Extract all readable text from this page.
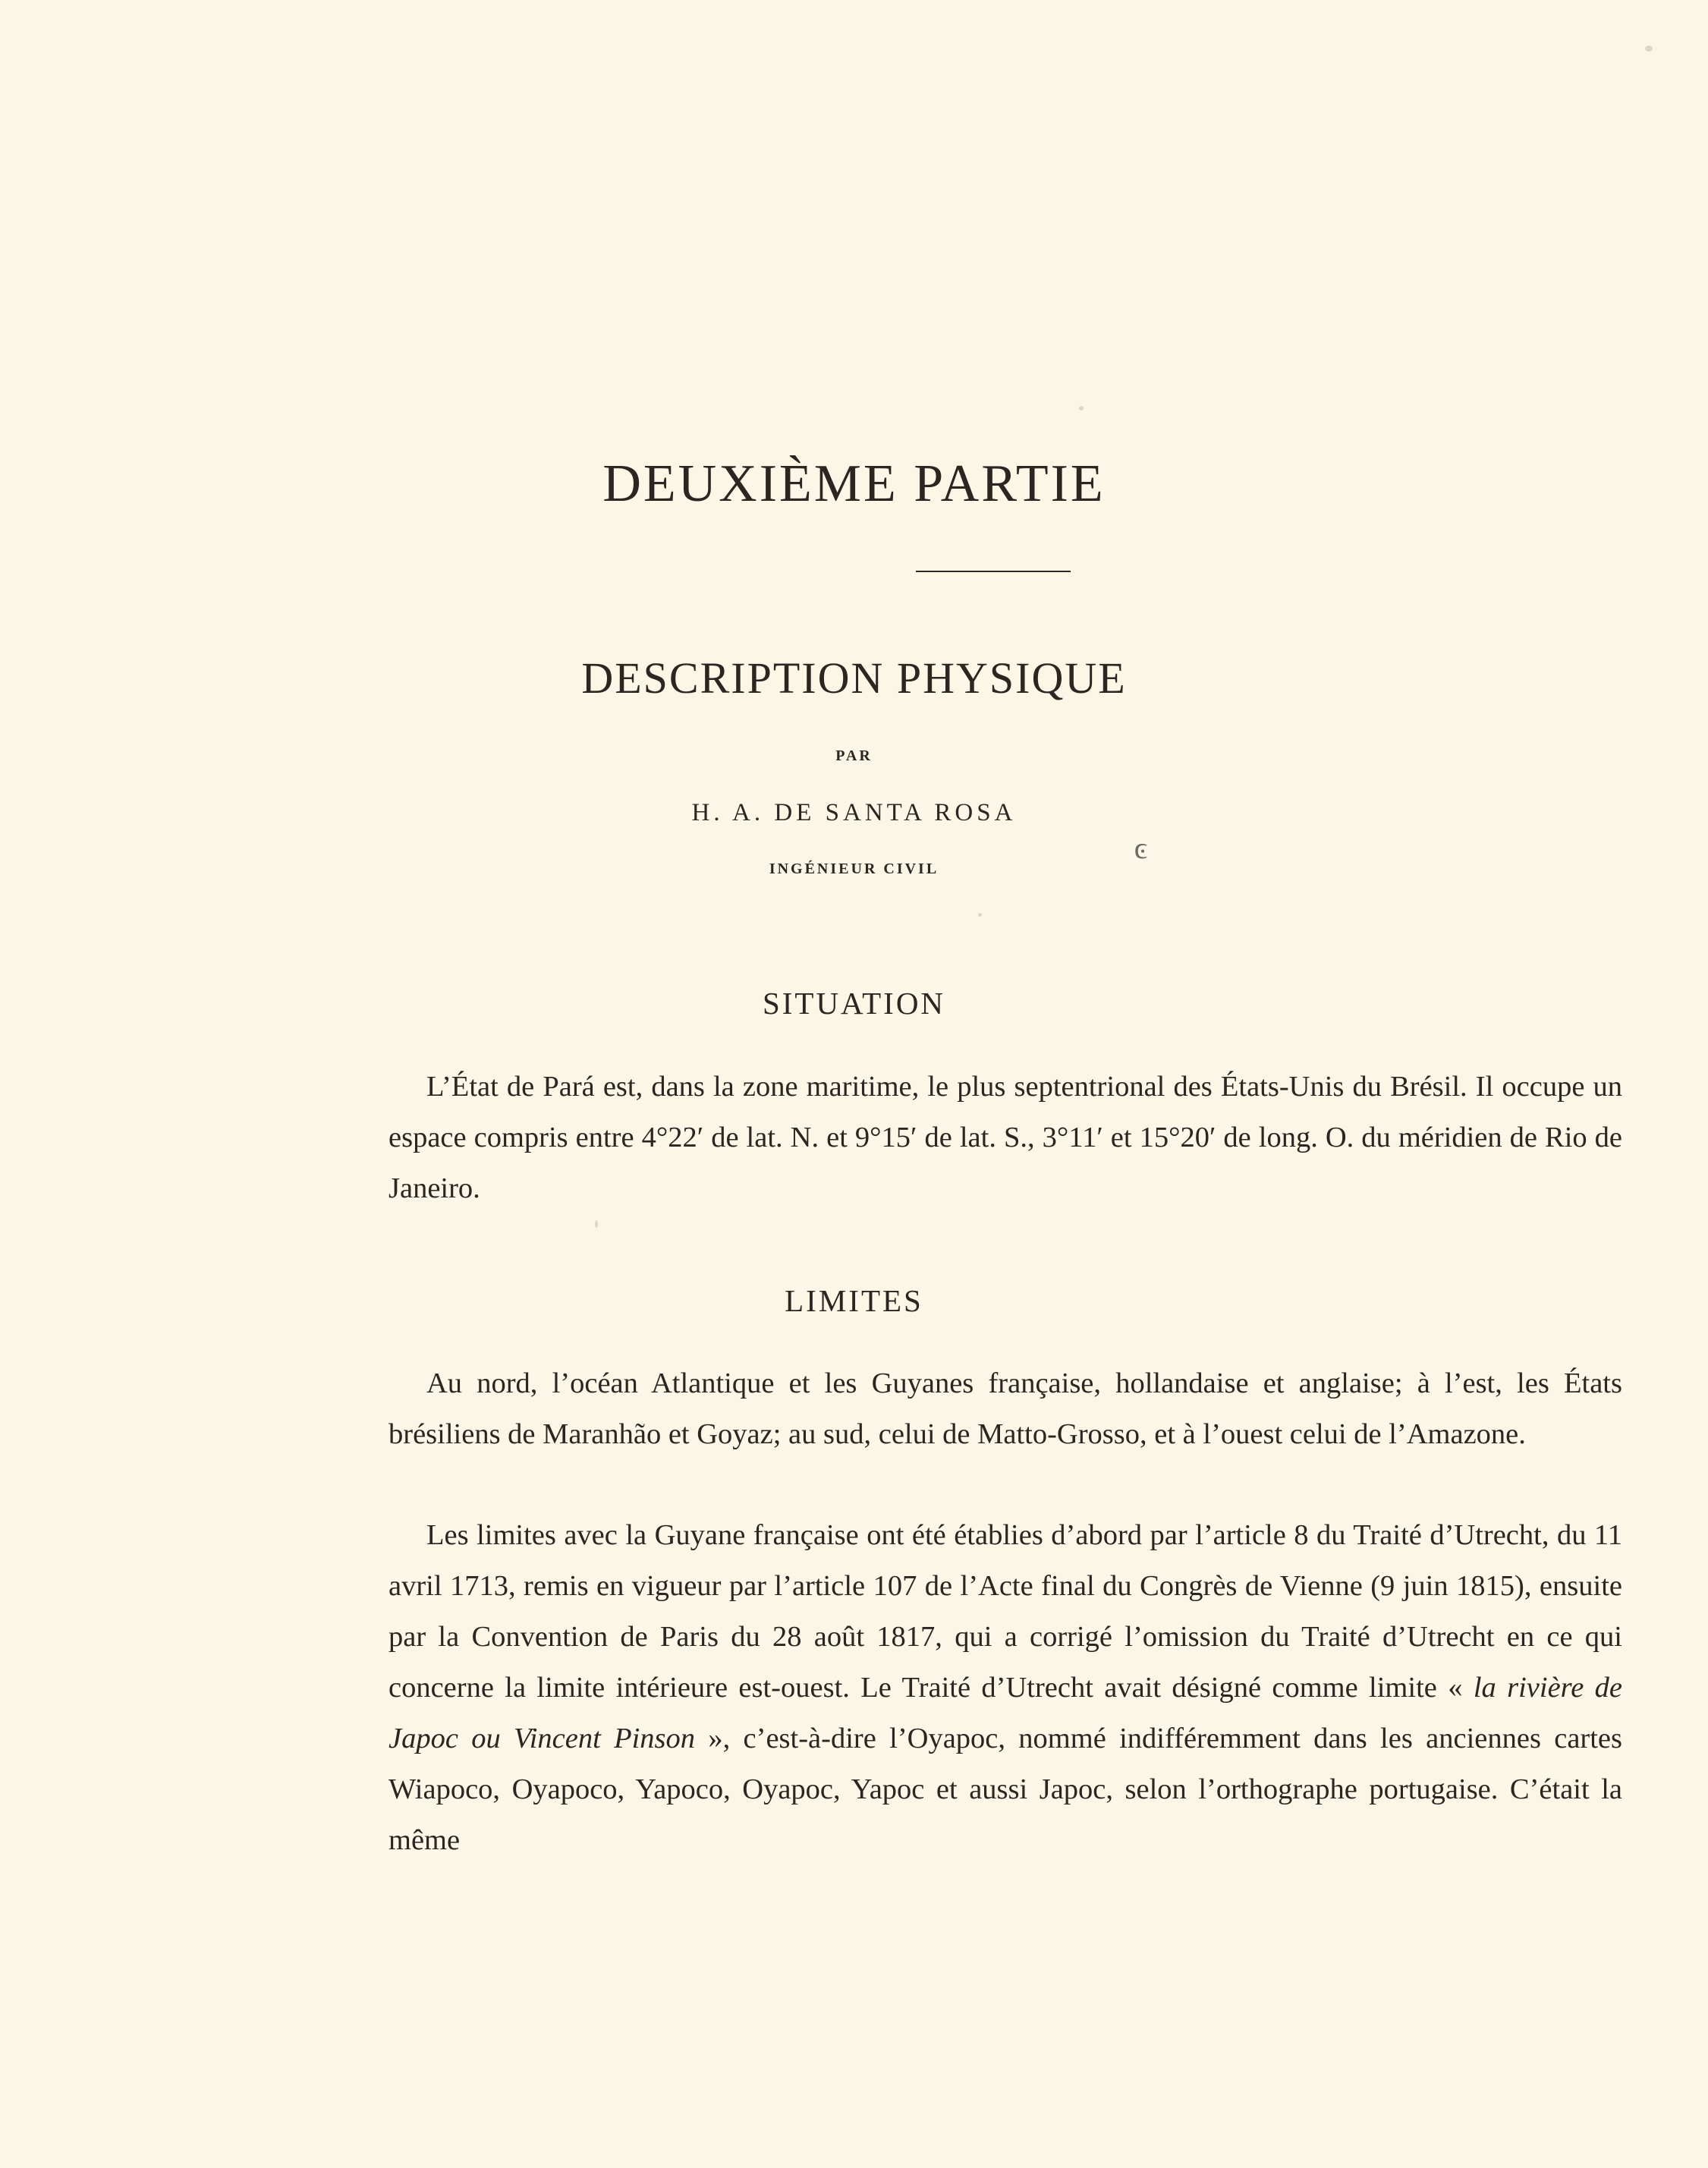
DEUXIÈME PARTIE
DESCRIPTION PHYSIQUE
PAR
H. A. DE SANTA ROSA
ͼ
INGÉNIEUR CIVIL
SITUATION

L’État de Pará est, dans la zone maritime, le plus septentrional des États-Unis du Brésil. Il occupe un espace compris entre 4°22′ de lat. N. et 9°15′ de lat. S., 3°11′ et 15°20′ de long. O. du méridien de Rio de Janeiro.

LIMITES

Au nord, l’océan Atlantique et les Guyanes française, hollandaise et anglaise; à l’est, les États brésiliens de Maranhão et Goyaz; au sud, celui de Matto-Grosso, et à l’ouest celui de l’Amazone.

Les limites avec la Guyane française ont été établies d’abord par l’article 8 du Traité d’Utrecht, du 11 avril 1713, remis en vigueur par l’article 107 de l’Acte final du Congrès de Vienne (9 juin 1815), ensuite par la Convention de Paris du 28 août 1817, qui a corrigé l’omission du Traité d’Utrecht en ce qui concerne la limite intérieure est-ouest. Le Traité d’Utrecht avait désigné comme limite « la rivière de Japoc ou Vincent Pinson », c’est-à-dire l’Oyapoc, nommé indifféremment dans les anciennes cartes Wiapoco, Oyapoco, Yapoco, Oyapoc, Yapoc et aussi Japoc, selon l’orthographe portugaise. C’était la même
